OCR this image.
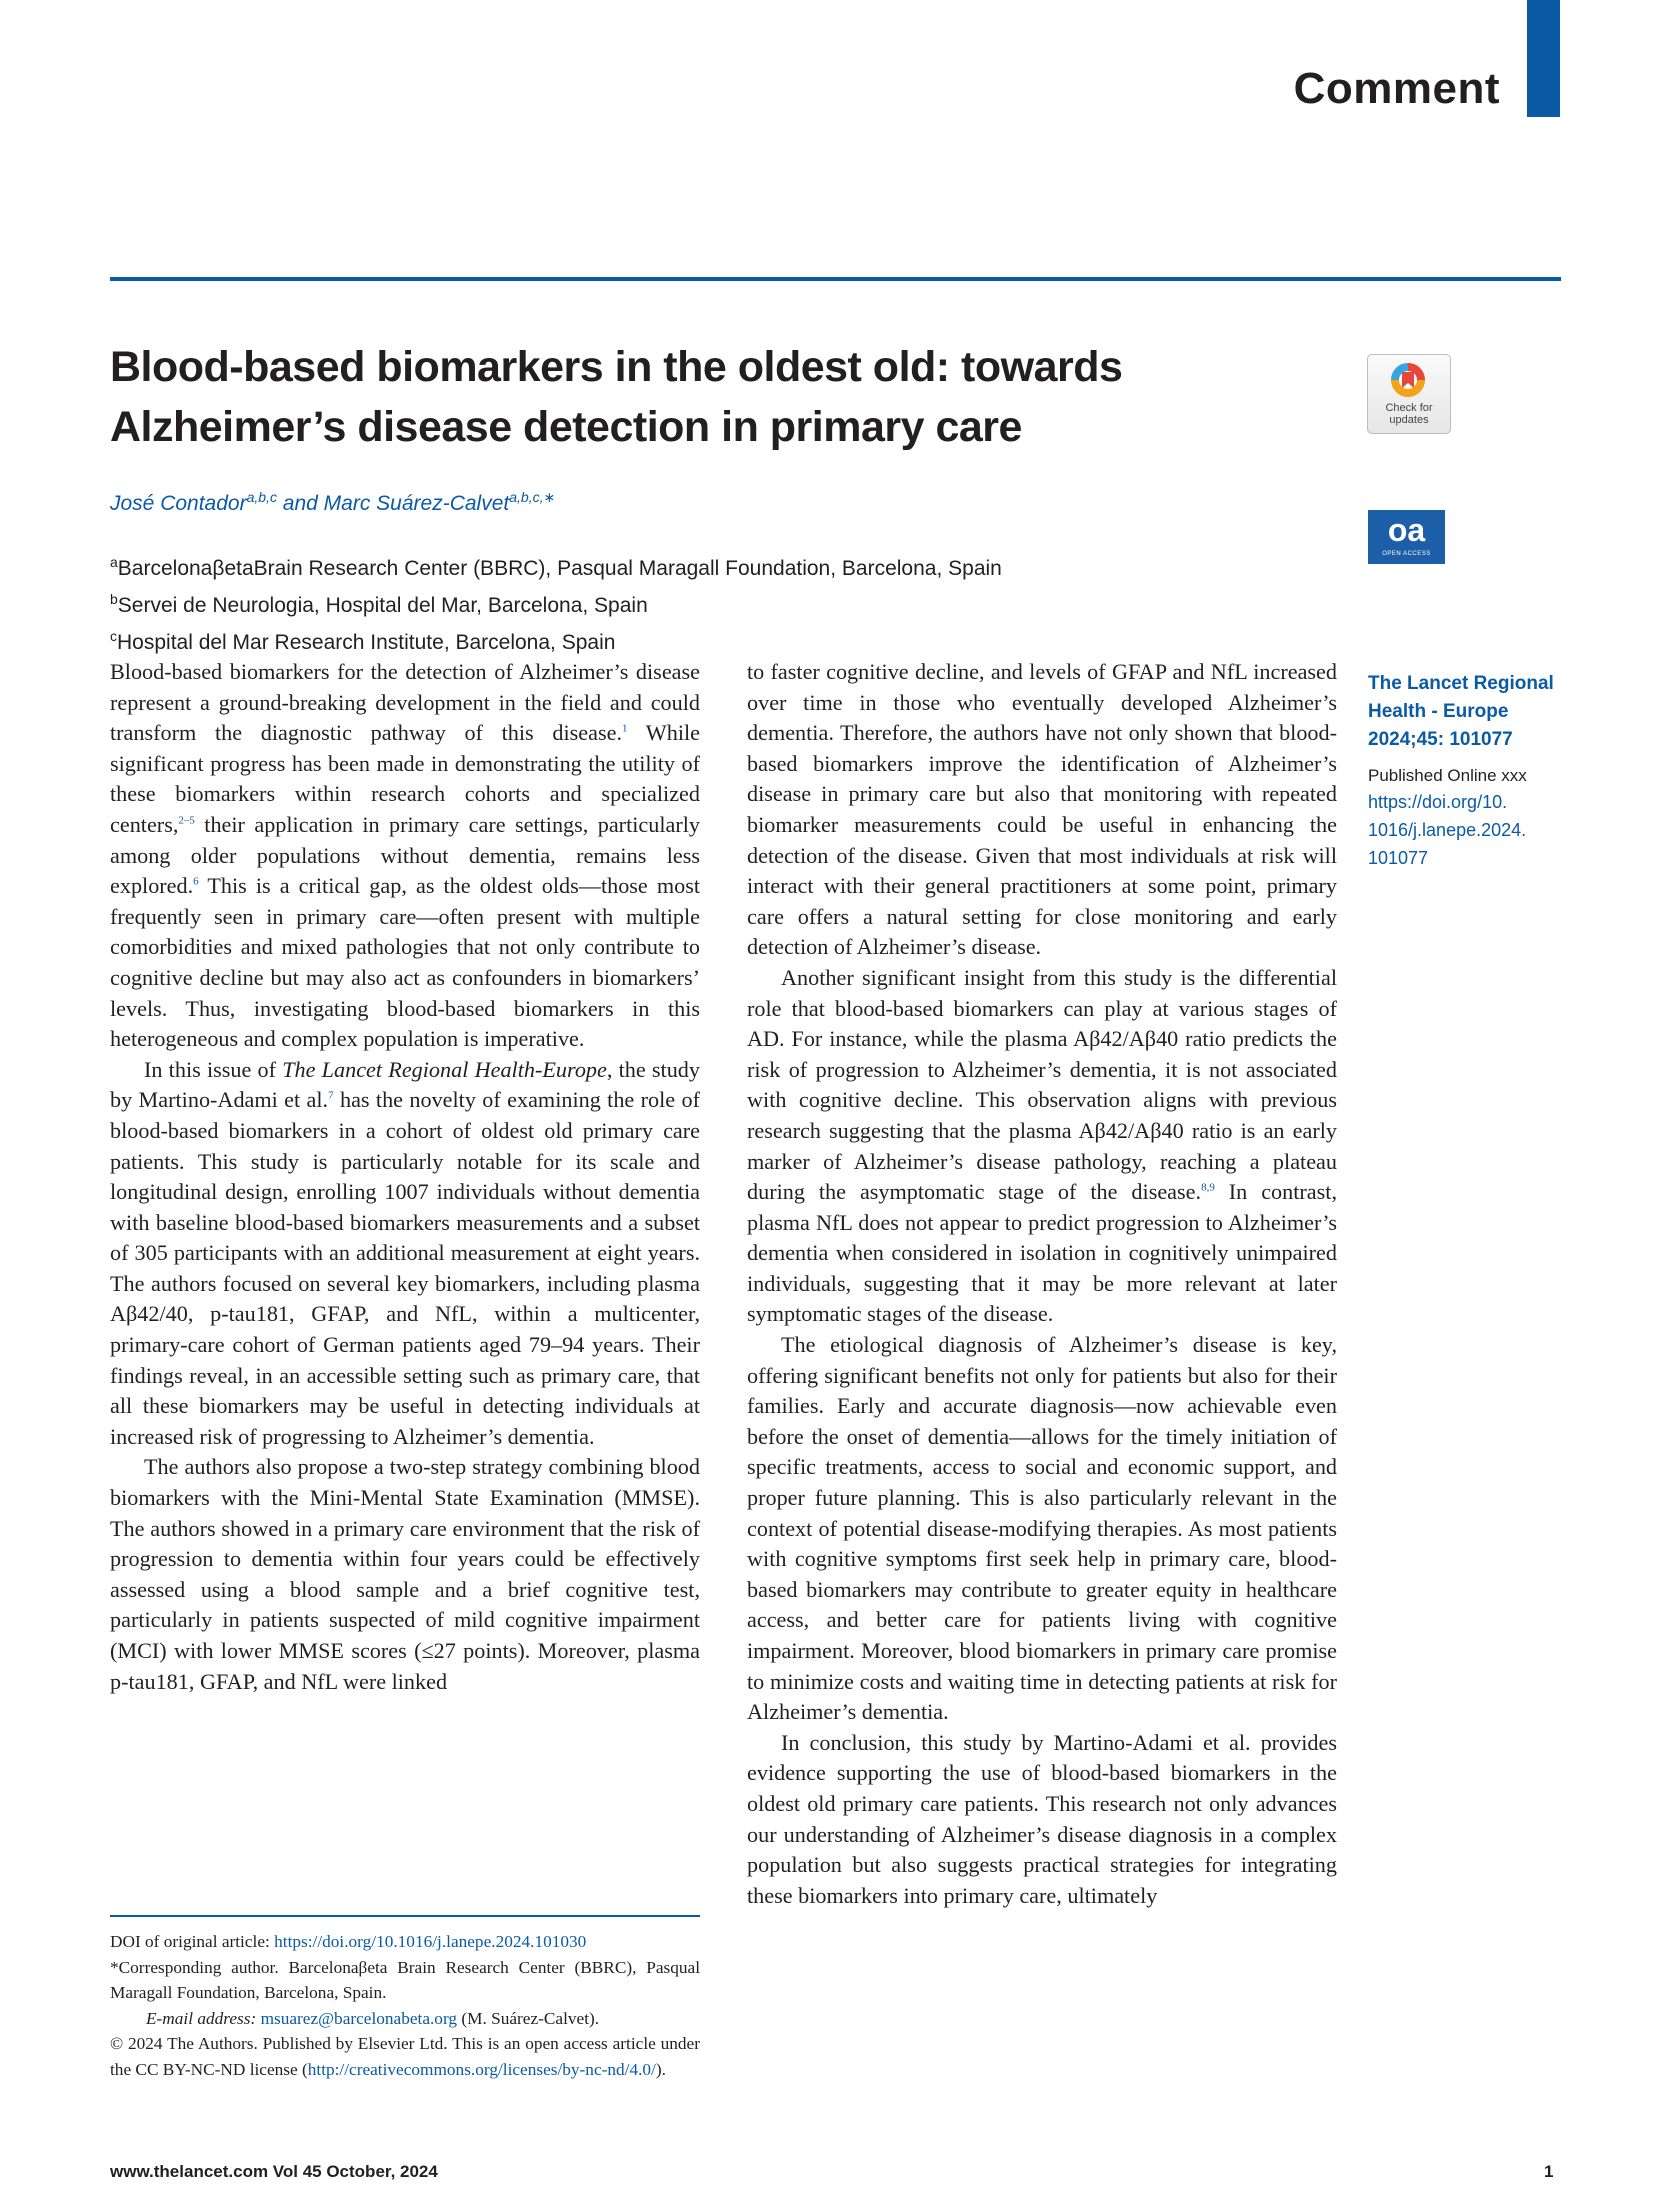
Comment
Blood-based biomarkers in the oldest old: towards Alzheimer’s disease detection in primary care
José Contador$^{a,b,c}$ and Marc Suárez-Calvet$^{a,b,c,∗}$
$^a$BarcelonaβetaBrain Research Center (BBRC), Pasqual Maragall Foundation, Barcelona, Spain
$^b$Servei de Neurologia, Hospital del Mar, Barcelona, Spain
$^c$Hospital del Mar Research Institute, Barcelona, Spain
Check for
updates
oa
OPEN ACCESS
The Lancet Regional
Health - Europe
2024;45: 101077
Published Online xxx
https://doi.org/10.
1016/j.lanepe.2024.
101077

Blood-based biomarkers for the detection of Alzheimer’s disease represent a ground-breaking development in the field and could transform the diagnostic pathway of this disease.$^1$ While significant progress has been made in demonstrating the utility of these biomarkers within research cohorts and specialized centers,$^{2-5}$ their application in primary care settings, particularly among older populations without dementia, remains less explored.$^6$ This is a critical gap, as the oldest olds—those most frequently seen in primary care—often present with multiple comorbidities and mixed pathologies that not only contribute to cognitive decline but may also act as confounders in biomarkers’ levels. Thus, investigating blood-based biomarkers in this heterogeneous and complex population is imperative.

In this issue of The Lancet Regional Health-Europe, the study by Martino-Adami et al.$^7$ has the novelty of examining the role of blood-based biomarkers in a cohort of oldest old primary care patients. This study is particularly notable for its scale and longitudinal design, enrolling 1007 individuals without dementia with baseline blood-based biomarkers measurements and a subset of 305 participants with an additional measurement at eight years. The authors focused on several key biomarkers, including plasma Aβ42/40, p-tau181, GFAP, and NfL, within a multicenter, primary-care cohort of German patients aged 79–94 years. Their findings reveal, in an accessible setting such as primary care, that all these biomarkers may be useful in detecting individuals at increased risk of progressing to Alzheimer’s dementia.

The authors also propose a two-step strategy combining blood biomarkers with the Mini-Mental State Examination (MMSE). The authors showed in a primary care environment that the risk of progression to dementia within four years could be effectively assessed using a blood sample and a brief cognitive test, particularly in patients suspected of mild cognitive impairment (MCI) with lower MMSE scores (≤27 points). Moreover, plasma p-tau181, GFAP, and NfL were linked

to faster cognitive decline, and levels of GFAP and NfL increased over time in those who eventually developed Alzheimer’s dementia. Therefore, the authors have not only shown that blood-based biomarkers improve the identification of Alzheimer’s disease in primary care but also that monitoring with repeated biomarker measurements could be useful in enhancing the detection of the disease. Given that most individuals at risk will interact with their general practitioners at some point, primary care offers a natural setting for close monitoring and early detection of Alzheimer’s disease.

Another significant insight from this study is the differential role that blood-based biomarkers can play at various stages of AD. For instance, while the plasma Aβ42/Aβ40 ratio predicts the risk of progression to Alzheimer’s dementia, it is not associated with cognitive decline. This observation aligns with previous research suggesting that the plasma Aβ42/Aβ40 ratio is an early marker of Alzheimer’s disease pathology, reaching a plateau during the asymptomatic stage of the disease.$^{8,9}$ In contrast, plasma NfL does not appear to predict progression to Alzheimer’s dementia when considered in isolation in cognitively unimpaired individuals, suggesting that it may be more relevant at later symptomatic stages of the disease.

The etiological diagnosis of Alzheimer’s disease is key, offering significant benefits not only for patients but also for their families. Early and accurate diagnosis—now achievable even before the onset of dementia—allows for the timely initiation of specific treatments, access to social and economic support, and proper future planning. This is also particularly relevant in the context of potential disease-modifying therapies. As most patients with cognitive symptoms first seek help in primary care, blood-based biomarkers may contribute to greater equity in healthcare access, and better care for patients living with cognitive impairment. Moreover, blood biomarkers in primary care promise to minimize costs and waiting time in detecting patients at risk for Alzheimer’s dementia.

In conclusion, this study by Martino-Adami et al. provides evidence supporting the use of blood-based biomarkers in the oldest old primary care patients. This research not only advances our understanding of Alzheimer’s disease diagnosis in a complex population but also suggests practical strategies for integrating these biomarkers into primary care, ultimately

DOI of original article: https://doi.org/10.1016/j.lanepe.2024.101030

*Corresponding author. Barcelonaβeta Brain Research Center (BBRC), Pasqual Maragall Foundation, Barcelona, Spain.

E-mail address: msuarez@barcelonabeta.org (M. Suárez-Calvet).

© 2024 The Authors. Published by Elsevier Ltd. This is an open access article under the CC BY-NC-ND license (http://creativecommons.org/licenses/by-nc-nd/4.0/).

www.thelancet.com Vol 45 October, 2024	1
